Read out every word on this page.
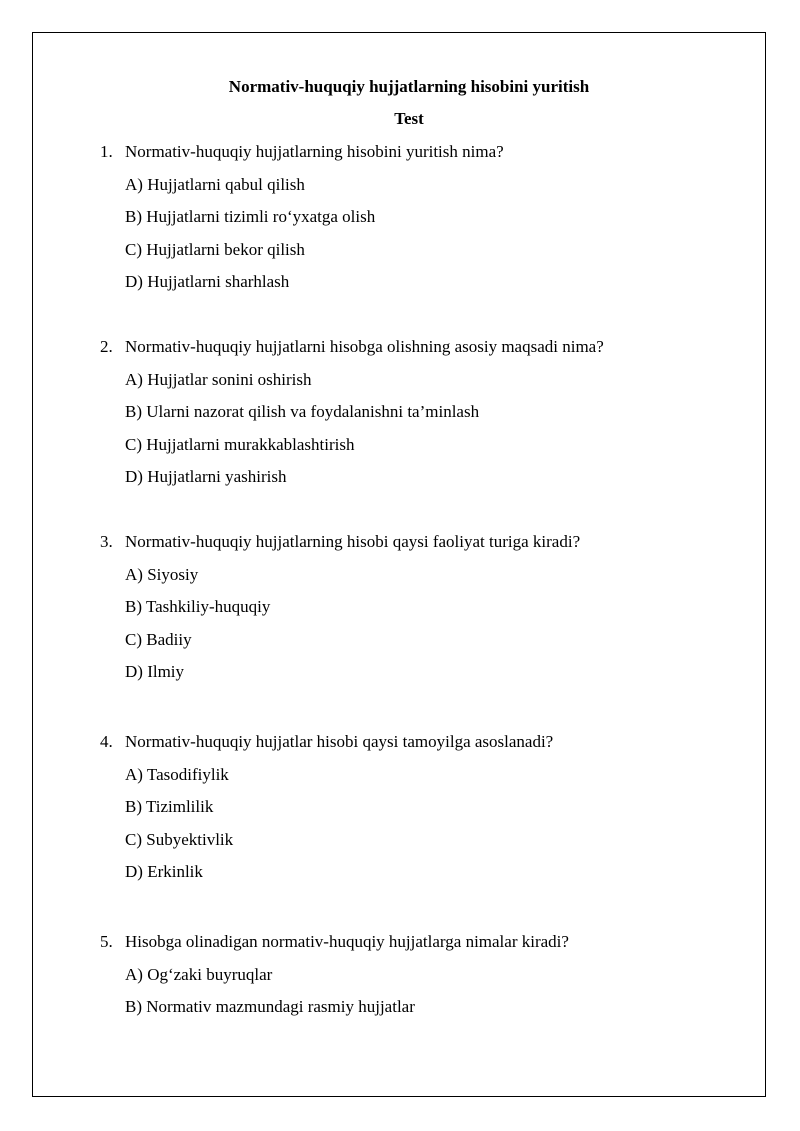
Normativ-huquqiy hujjatlarning hisobini yuritish
Test
1. Normativ-huquqiy hujjatlarning hisobini yuritish nima?
A) Hujjatlarni qabul qilish
B) Hujjatlarni tizimli ro‘yxatga olish
C) Hujjatlarni bekor qilish
D) Hujjatlarni sharhlash
2. Normativ-huquqiy hujjatlarni hisobga olishning asosiy maqsadi nima?
A) Hujjatlar sonini oshirish
B) Ularni nazorat qilish va foydalanishni ta’minlash
C) Hujjatlarni murakkablashtirish
D) Hujjatlarni yashirish
3. Normativ-huquqiy hujjatlarning hisobi qaysi faoliyat turiga kiradi?
A) Siyosiy
B) Tashkiliy-huquqiy
C) Badiiy
D) Ilmiy
4. Normativ-huquqiy hujjatlar hisobi qaysi tamoyilga asoslanadi?
A) Tasodifiylik
B) Tizimlilik
C) Subyektivlik
D) Erkinlik
5. Hisobga olinadigan normativ-huquqiy hujjatlarga nimalar kiradi?
A) Og‘zaki buyruqlar
B) Normativ mazmundagi rasmiy hujjatlar
